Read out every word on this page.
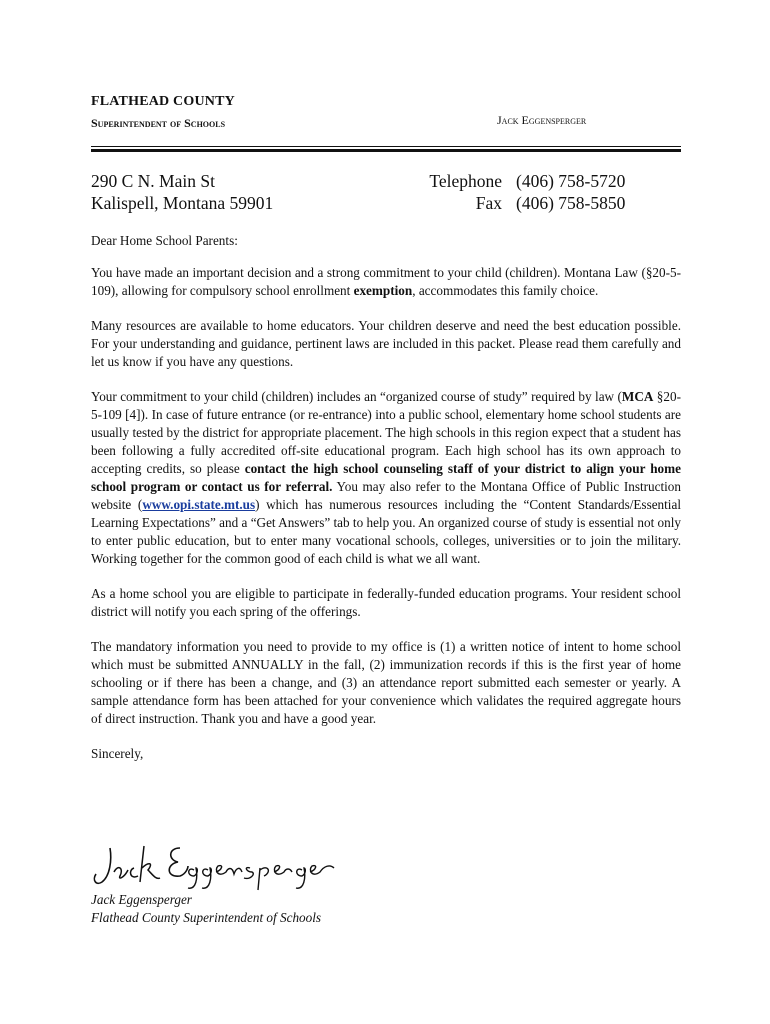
FLATHEAD COUNTY
Superintendent of Schools	Jack Eggensperger
290 C N. Main St
Kalispell, Montana 59901
Telephone (406) 758-5720
Fax (406) 758-5850

Dear Home School Parents:

You have made an important decision and a strong commitment to your child (children). Montana Law (§20-5-109), allowing for compulsory school enrollment exemption, accommodates this family choice.

Many resources are available to home educators. Your children deserve and need the best education possible. For your understanding and guidance, pertinent laws are included in this packet. Please read them carefully and let us know if you have any questions.

Your commitment to your child (children) includes an “organized course of study” required by law (MCA §20-5-109 [4]). In case of future entrance (or re-entrance) into a public school, elementary home school students are usually tested by the district for appropriate placement. The high schools in this region expect that a student has been following a fully accredited off-site educational program. Each high school has its own approach to accepting credits, so please contact the high school counseling staff of your district to align your home school program or contact us for referral. You may also refer to the Montana Office of Public Instruction website (www.opi.state.mt.us) which has numerous resources including the “Content Standards/Essential Learning Expectations” and a “Get Answers” tab to help you. An organized course of study is essential not only to enter public education, but to enter many vocational schools, colleges, universities or to join the military. Working together for the common good of each child is what we all want.

As a home school you are eligible to participate in federally-funded education programs. Your resident school district will notify you each spring of the offerings.

The mandatory information you need to provide to my office is (1) a written notice of intent to home school which must be submitted ANNUALLY in the fall, (2) immunization records if this is the first year of home schooling or if there has been a change, and (3) an attendance report submitted each semester or yearly. A sample attendance form has been attached for your convenience which validates the required aggregate hours of direct instruction. Thank you and have a good year.

Sincerely,

Jack Eggensperger
Flathead County Superintendent of Schools
